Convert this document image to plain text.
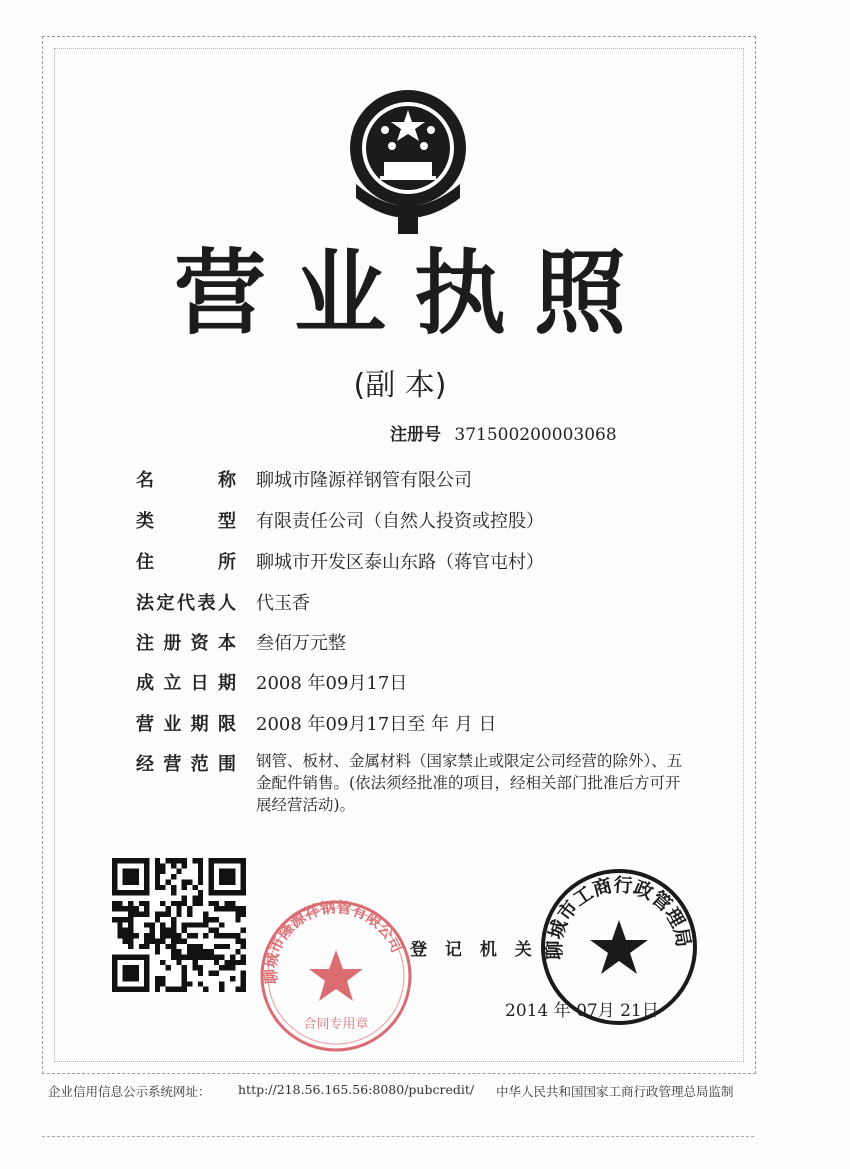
营业执照
(副 本)
注册号 371500200003068
名	称 聊城市隆源祥钢管有限公司
类	型 有限责任公司（自然人投资或控股）
住	所 聊城市开发区泰山东路（蒋官屯村）
法 定 代 表 人 代玉香
注 册 资 本 叁佰万元整
成 立 日 期 2008 年09月17日
营 业 期 限 2008 年09月17日至 年 月 日
经 营 范 围 钢管、板材、金属材料（国家禁止或限定公司经营的除外）、五金配件销售。(依法须经批准的项目，经相关部门批准后方可开展经营活动)。
聊城市隆源祥钢管有限公司
合同专用章
聊城市工商行政管理局
登 记 机 关
2014 年 07月 21日
企业信用信息公示系统网址： http://218.56.165.56:8080/pubcredit/ 中华人民共和国国家工商行政管理总局监制
